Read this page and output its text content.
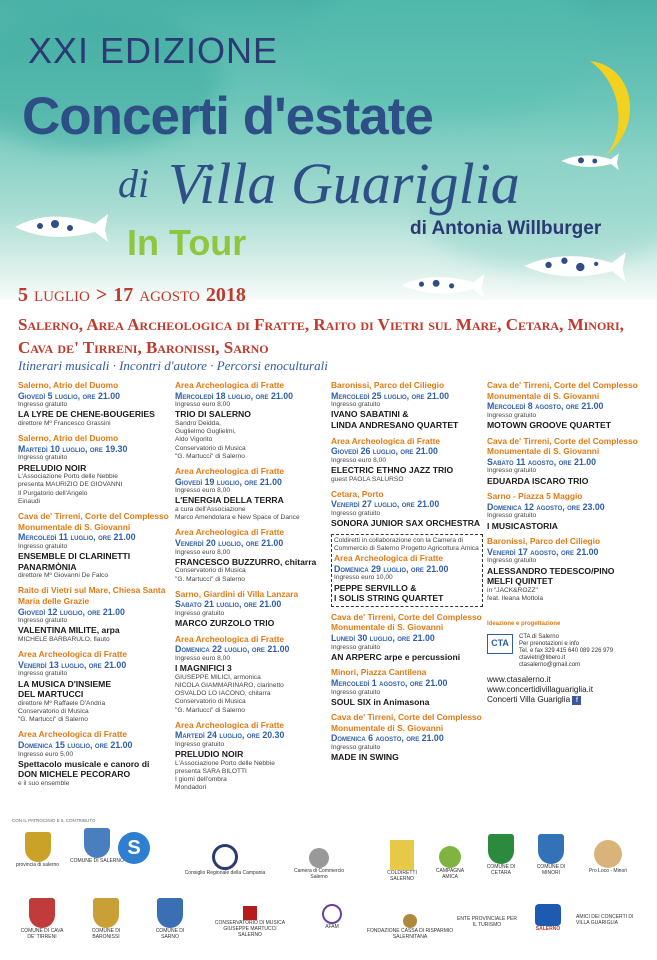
XXI EDIZIONE
Concerti d'estate
di Villa Guariglia
di Antonia Willburger
In Tour
5 LUGLIO > 17 AGOSTO 2018
Salerno, Area Archeologica di Fratte, Raito di Vietri sul Mare, Cetara, Minori, Cava de' Tirreni, Baronissi, Sarno
Itinerari musicali · Incontri d'autore · Percorsi enoculturali
Salerno, Atrio del Duomo
Giovedì 5 luglio, ore 21.00
Ingresso gratuito
LA LYRE DE CHENE-BOUGERIES
direttore Mº Francesco Grassini
Salerno, Atrio del Duomo
Martedì 10 luglio, ore 19.30
Ingresso gratuito
PRELUDIO NOIR
L'Associazione Porto delle Nebbie
presenta MAURIZIO DE GIOVANNI
Il Purgatorio dell'Angelo
Einaudi
Cava de' Tirreni, Corte del Complesso Monumentale di S. Giovanni
Mercoledì 11 luglio, ore 21.00
Ingresso gratuito
ENSEMBLE DI CLARINETTI
PANARMÒNIA
direttore Mº Giovanni De Falco
Raito di Vietri sul Mare, Chiesa Santa Maria delle Grazie
Giovedì 12 luglio, ore 21.00
Ingresso gratuito
VALENTINA MILITE, arpa
MICHELE BARBARULO, flauto
Area Archeologica di Fratte
Venerdì 13 luglio, ore 21.00
Ingresso gratuito
LA MUSICA D'INSIEME
DEL MARTUCCI
direttore Mº Raffaele D'Andria
Conservatorio di Musica
"G. Martucci" di Salerno
Area Archeologica di Fratte
Domenica 15 luglio, ore 21.00
Ingresso euro 5,00
Spettacolo musicale e canoro di
DON MICHELE PECORARO
e il suo ensemble
Area Archeologica di Fratte
Mercoledì 18 luglio, ore 21.00
Ingresso euro 8,00
TRIO DI SALERNO
Sandro Deidda,
Guglielmo Guglielmi,
Aldo Vigorito
Conservatorio di Musica
"G. Martucci" di Salerno
Area Archeologica di Fratte
Giovedì 19 luglio, ore 21.00
Ingresso euro 8,00
L'ENERGIA DELLA TERRA
a cura dell'Associazione
Marco Amendolara e New Space of Dance
Area Archeologica di Fratte
Venerdì 20 luglio, ore 21.00
Ingresso euro 8,00
FRANCESCO BUZZURRO, chitarra
Conservatorio di Musica
"G. Martucci" di Salerno
Sarno, Giardini di Villa Lanzara
Sabato 21 luglio, ore 21.00
Ingresso gratuito
MARCO ZURZOLO TRIO
Area Archeologica di Fratte
Domenica 22 luglio, ore 21.00
Ingresso euro 8,00
I MAGNIFICI 3
GIUSEPPE MILICI, armonica
NICOLA GIAMMARINARO, clarinetto
OSVALDO LO IACONO, chitarra
Conservatorio di Musica
"G. Martucci" di Salerno
Area Archeologica di Fratte
Martedì 24 luglio, ore 20.30
Ingresso gratuito
PRELUDIO NOIR
L'Associazione Porto delle Nebbie
presenta SARA BILOTTI
I giorni dell'ombra
Mondadori
Baronissi, Parco del Ciliegio
Mercoledì 25 luglio, ore 21.00
Ingresso gratuito
IVANO SABATINI &
LINDA ANDRESANO QUARTET
Area Archeologica di Fratte
Giovedì 26 luglio, ore 21.00
Ingresso euro 8,00
ELECTRIC ETHNO JAZZ TRIO
guest PAOLA SALURSO
Cetara, Porto
Venerdì 27 luglio, ore 21.00
Ingresso gratuito
SONORA JUNIOR SAX ORCHESTRA
Coldiretti in collaborazione con la Camera di Commercio di Salerno Progetto Agricoltura Amica
Area Archeologica di Fratte
Domenica 29 luglio, ore 21.00
Ingresso euro 10,00
PEPPE SERVILLO &
I SOLIS STRING QUARTET
Cava de' Tirreni, Corte del Complesso Monumentale di S. Giovanni
Lunedì 30 luglio, ore 21.00
Ingresso gratuito
AN ARPERC arpe e percussioni
Minori, Piazza Cantilena
Mercoledì 1 agosto, ore 21.00
Ingresso gratuito
SOUL SIX in Animasona
Cava de' Tirreni, Corte del Complesso Monumentale di S. Giovanni
Domenica 6 agosto, ore 21.00
Ingresso gratuito
MADE IN SWING
Cava de' Tirreni, Corte del Complesso Monumentale di S. Giovanni
Mercoledì 8 agosto, ore 21.00
Ingresso gratuito
MOTOWN GROOVE QUARTET
Cava de' Tirreni, Corte del Complesso Monumentale di S. Giovanni
Sabato 11 agosto, ore 21.00
Ingresso gratuito
EDUARDA ISCARO TRIO
Sarno - Piazza 5 Maggio
Domenica 12 agosto, ore 23.00
Ingresso gratuito
I MUSICASTORIA
Baronissi, Parco del Ciliegio
Venerdì 17 agosto, ore 21.00
Ingresso gratuito
ALESSANDRO TEDESCO/PINO
MELFI QUINTET
in "JACK&ROZZ"
feat. Ileana Mottola
Ideazione e progettazione
CTA
CTA di Salerno
Per prenotazioni e info
Tel. e fax 329 415 640 089 226 979
ctavietri@libero.it
ctasalerno@gmail.com
www.ctasalerno.it
www.concertidivillaguariglia.it
Concerti Villa Guariglia f
CON IL PATROCINIO E IL CONTRIBUTO
provincia di salerno
COMUNE DI SALERNO
S
Consiglio Regionale della Campania	Camera di Commercio Salerno
COLDIRETTI SALERNO
CAMPAGNA AMICA
COMUNE DI CETARA
COMUNE DI MINORI	Pro Loco - Minori
COMUNE DI CAVA DE' TIRRENI
COMUNE DI BARONISSI
COMUNE DI SARNO
CONSERVATORIO DI MUSICA GIUSEPPE MARTUCCI SALERNO
AFAM
FONDAZIONE CASSA DI RISPARMIO SALERNITANA
ENTE PROVINCIALE PER IL TURISMO
SALERNO
AMICI DEI CONCERTI DI VILLA GUARIGLIA
